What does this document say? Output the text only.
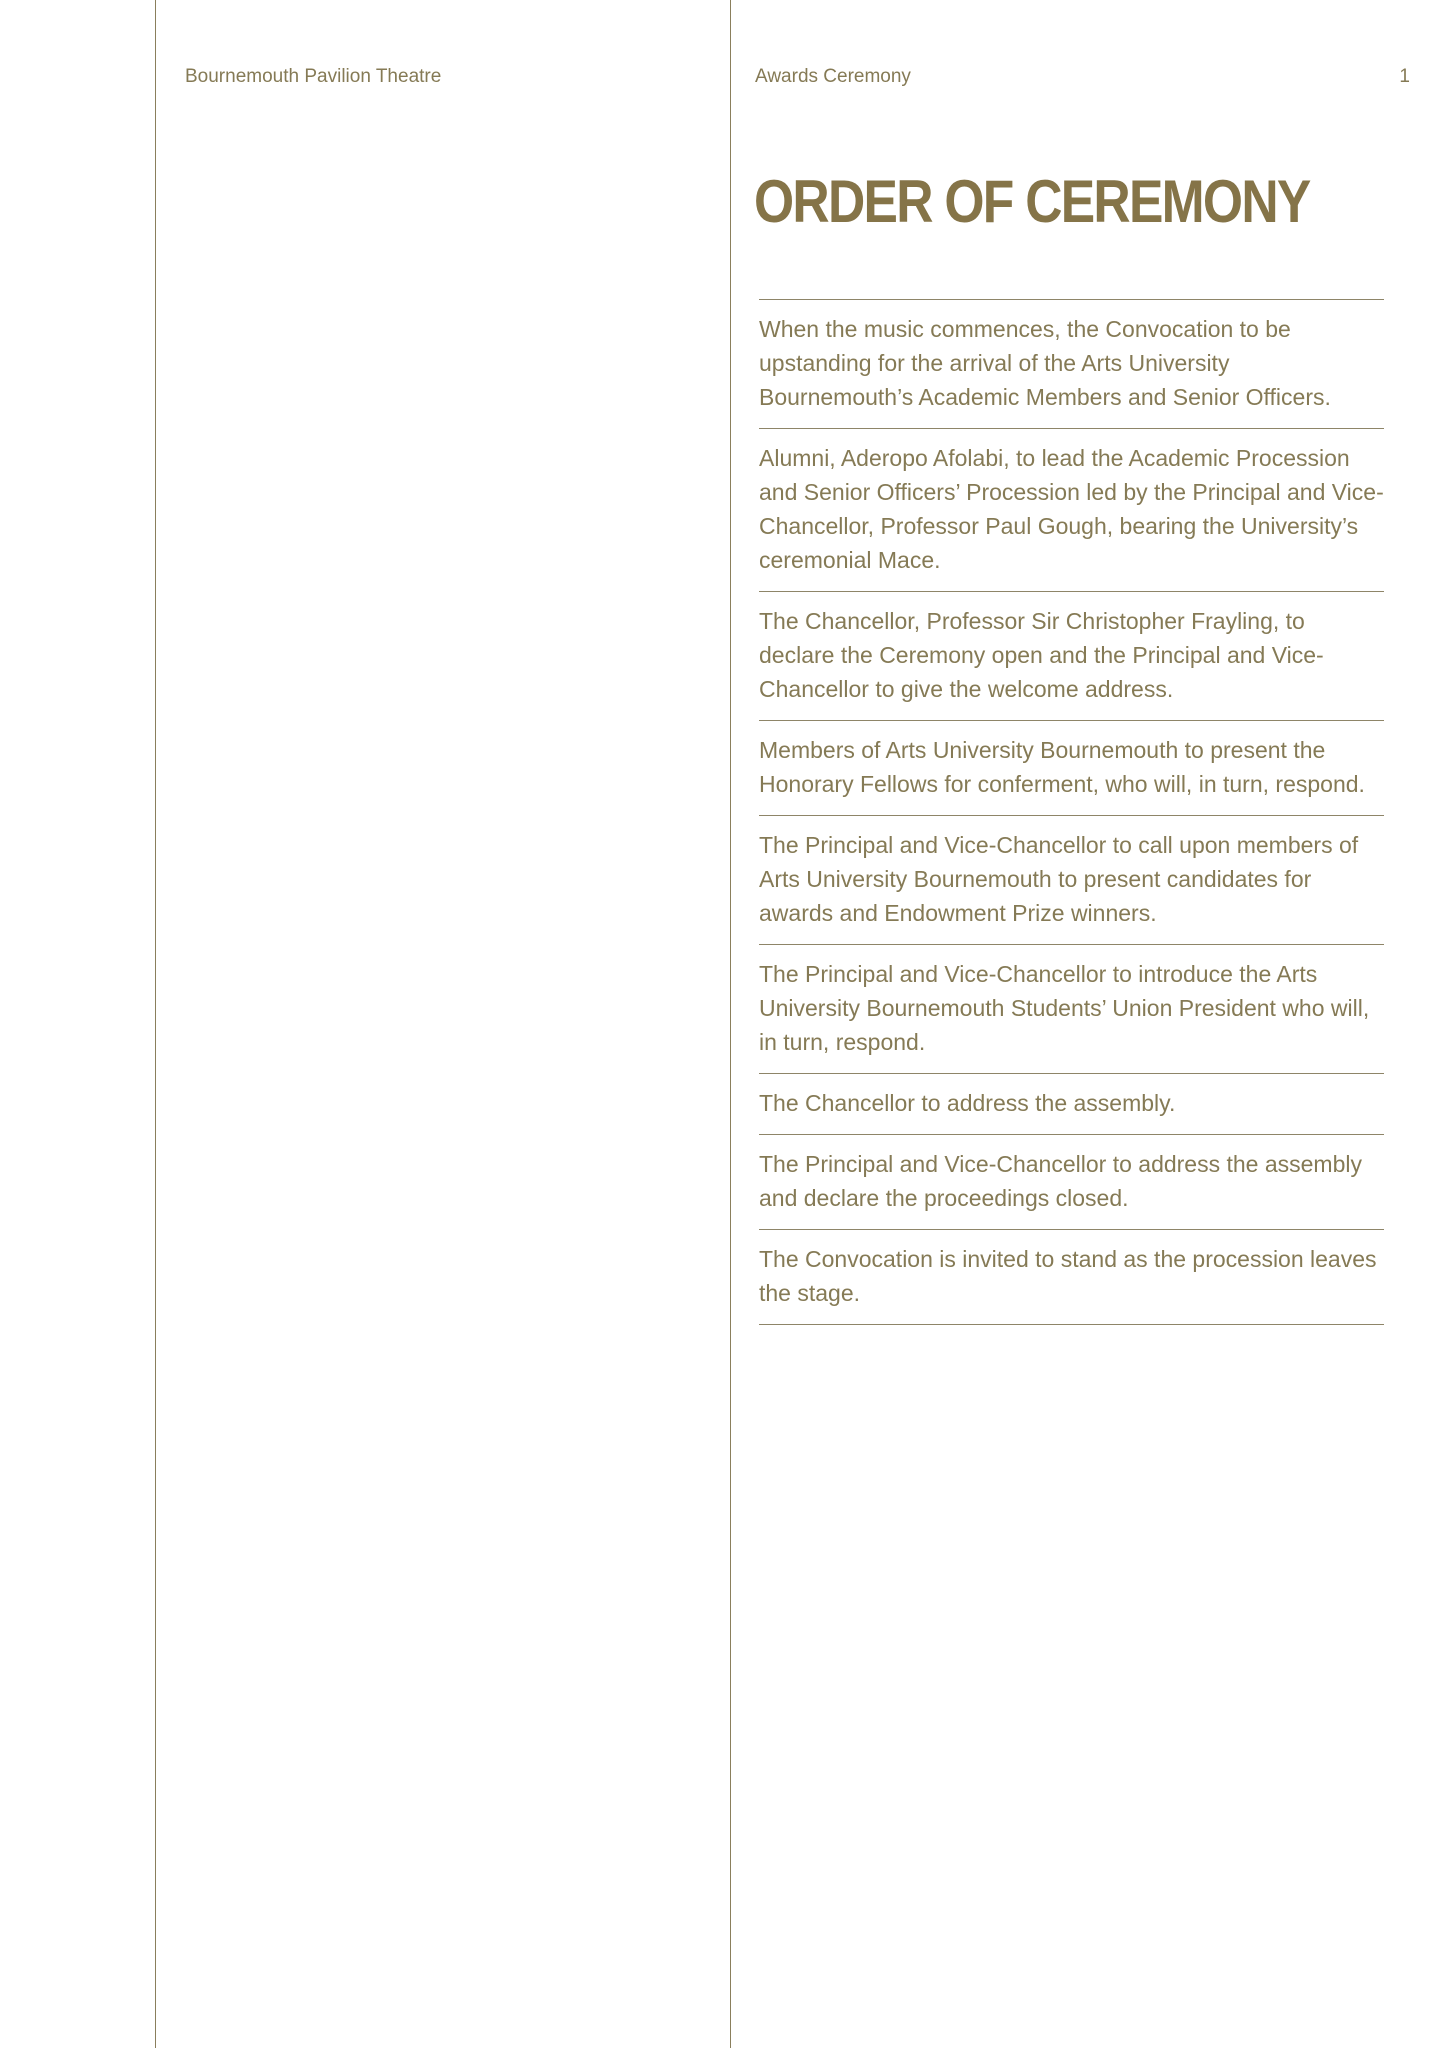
Bournemouth Pavilion Theatre	Awards Ceremony	1
ORDER OF CEREMONY
When the music commences, the Convocation to be upstanding for the arrival of the Arts University Bournemouth’s Academic Members and Senior Officers.
Alumni, Aderopo Afolabi, to lead the Academic Procession and Senior Officers’ Procession led by the Principal and Vice-Chancellor, Professor Paul Gough, bearing the University’s ceremonial Mace.
The Chancellor, Professor Sir Christopher Frayling, to declare the Ceremony open and the Principal and Vice-Chancellor to give the welcome address.
Members of Arts University Bournemouth to present the Honorary Fellows for conferment, who will, in turn, respond.
The Principal and Vice-Chancellor to call upon members of Arts University Bournemouth to present candidates for awards and Endowment Prize winners.
The Principal and Vice-Chancellor to introduce the Arts University Bournemouth Students’ Union President who will, in turn, respond.
The Chancellor to address the assembly.
The Principal and Vice-Chancellor to address the assembly and declare the proceedings closed.
The Convocation is invited to stand as the procession leaves the stage.
